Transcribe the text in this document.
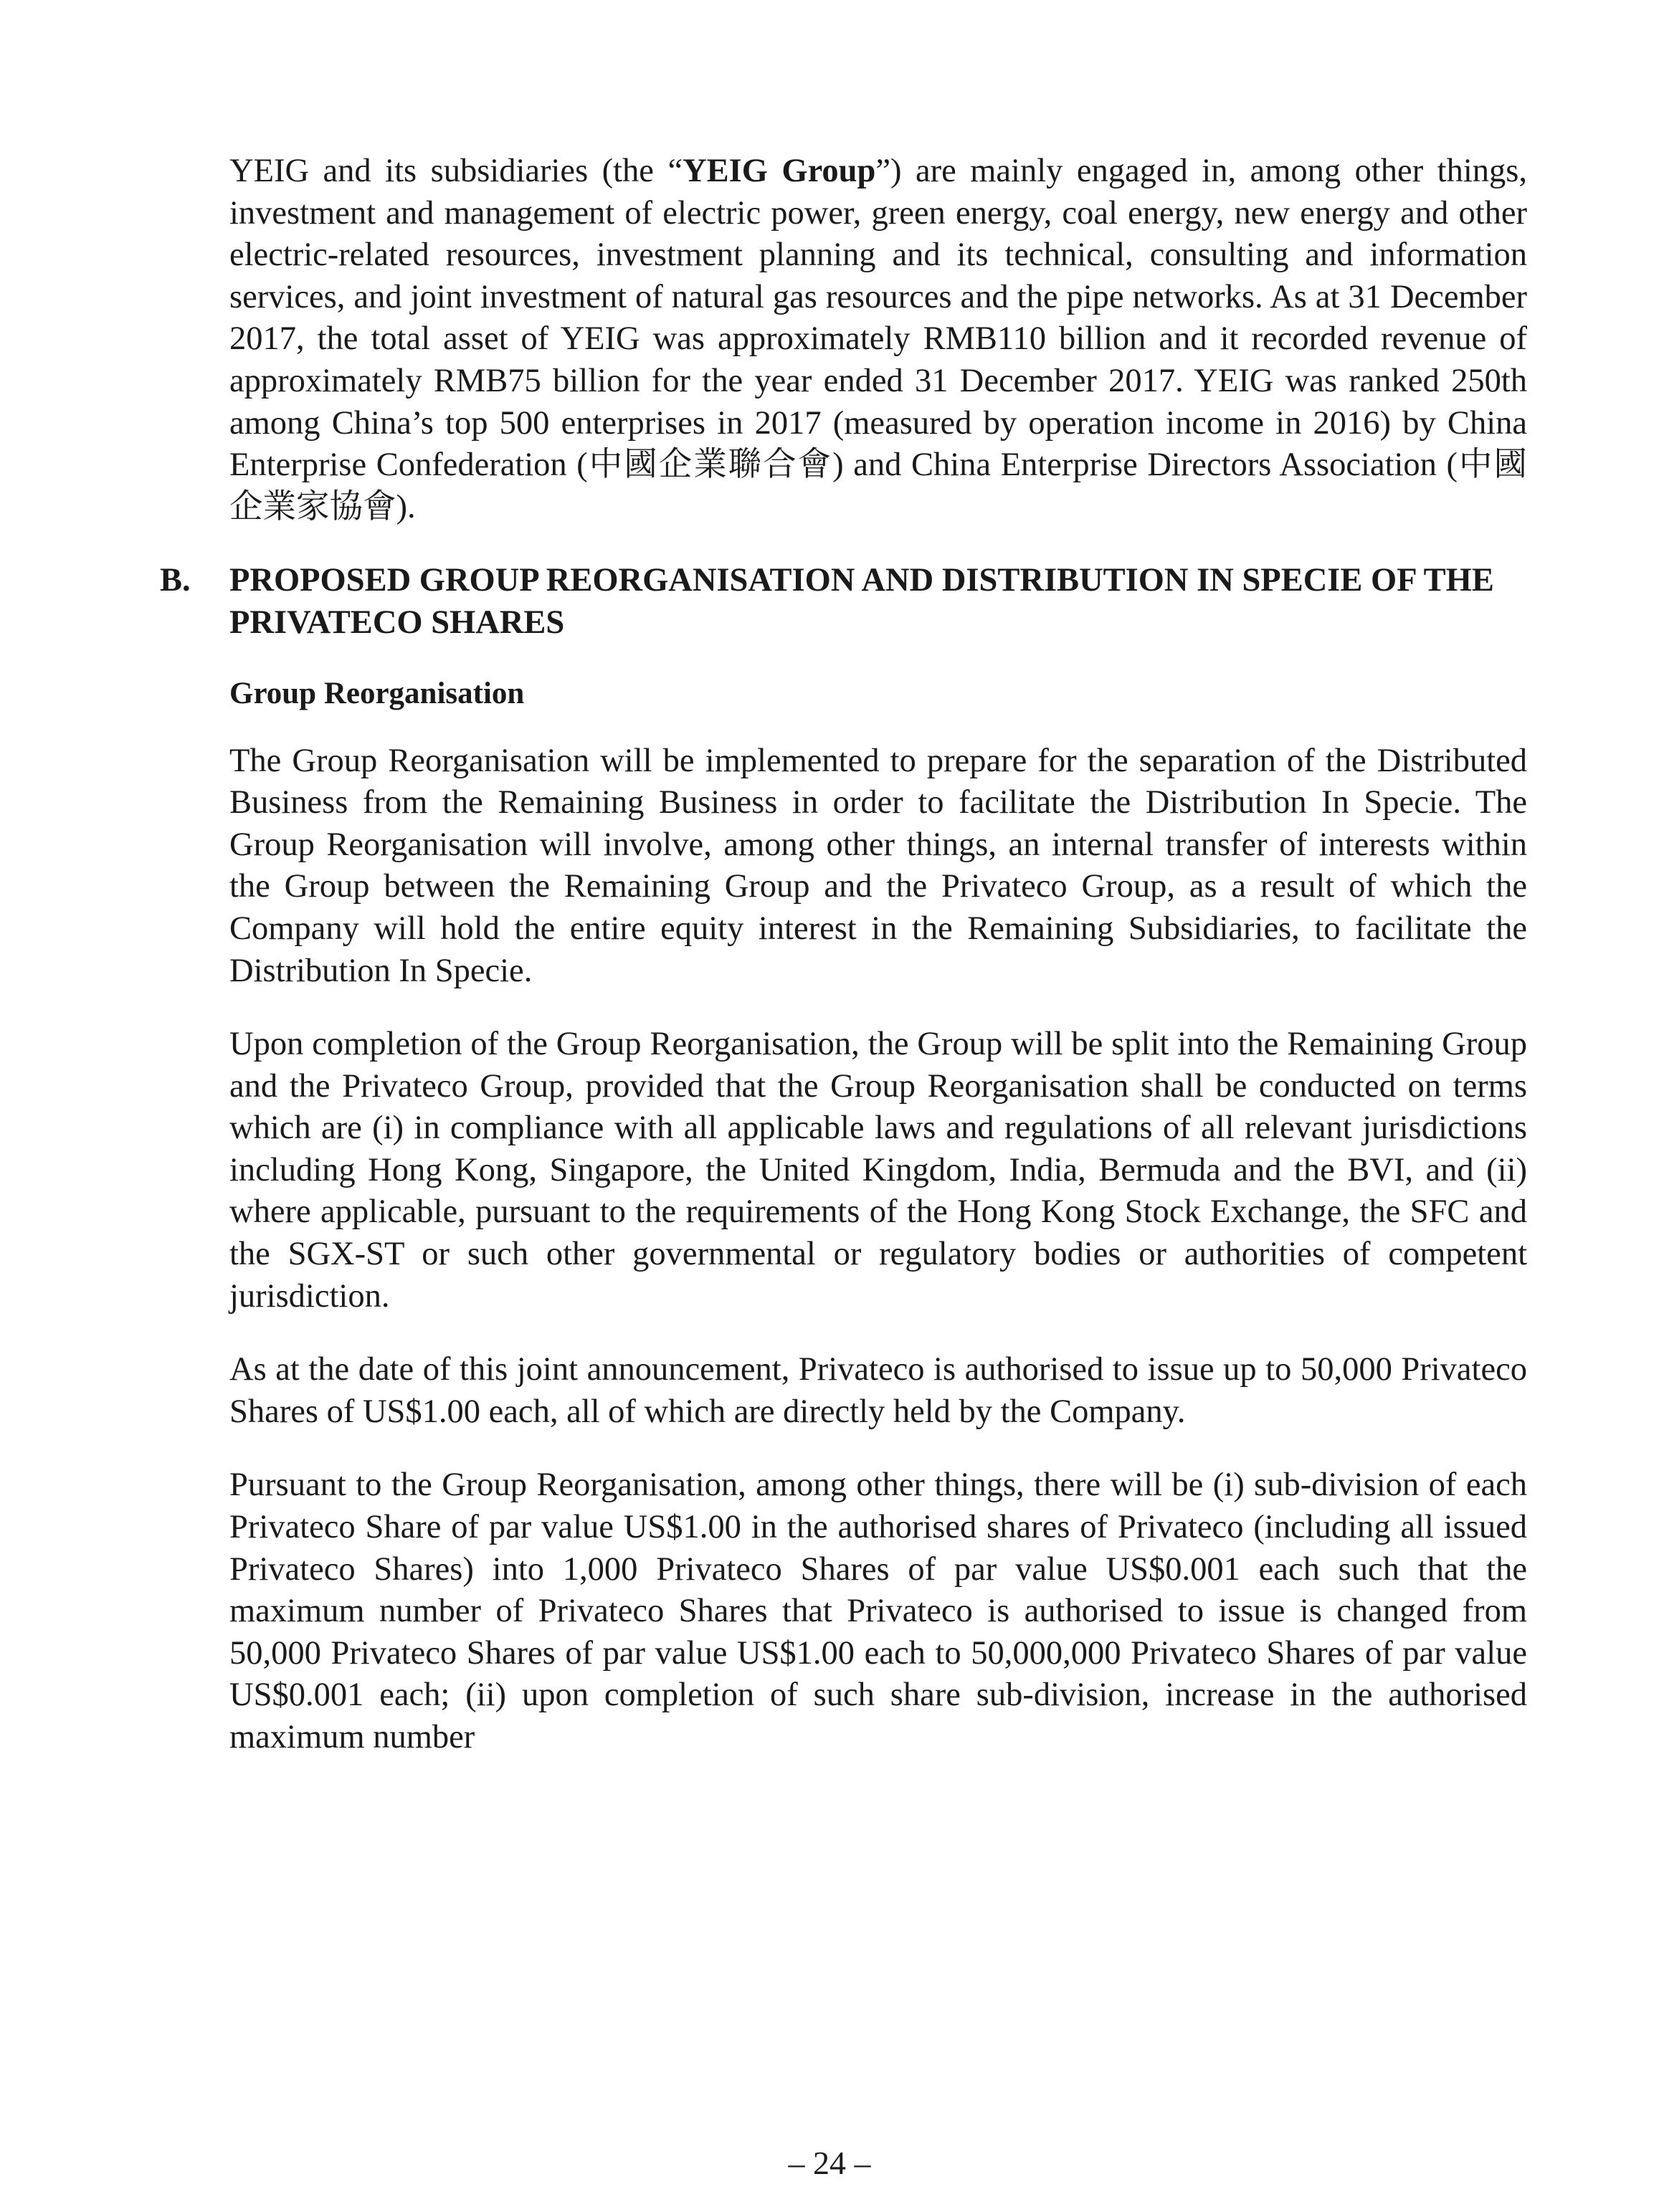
YEIG and its subsidiaries (the “YEIG Group”) are mainly engaged in, among other things, investment and management of electric power, green energy, coal energy, new energy and other electric-related resources, investment planning and its technical, consulting and information services, and joint investment of natural gas resources and the pipe networks. As at 31 December 2017, the total asset of YEIG was approximately RMB110 billion and it recorded revenue of approximately RMB75 billion for the year ended 31 December 2017. YEIG was ranked 250th among China’s top 500 enterprises in 2017 (measured by operation income in 2016) by China Enterprise Confederation (中國企業聯合會) and China Enterprise Directors Association (中國企業家協會).

B. PROPOSED GROUP REORGANISATION AND DISTRIBUTION IN SPECIE OF THE PRIVATECO SHARES
Group Reorganisation

The Group Reorganisation will be implemented to prepare for the separation of the Distributed Business from the Remaining Business in order to facilitate the Distribution In Specie. The Group Reorganisation will involve, among other things, an internal transfer of interests within the Group between the Remaining Group and the Privateco Group, as a result of which the Company will hold the entire equity interest in the Remaining Subsidiaries, to facilitate the Distribution In Specie.

Upon completion of the Group Reorganisation, the Group will be split into the Remaining Group and the Privateco Group, provided that the Group Reorganisation shall be conducted on terms which are (i) in compliance with all applicable laws and regulations of all relevant jurisdictions including Hong Kong, Singapore, the United Kingdom, India, Bermuda and the BVI, and (ii) where applicable, pursuant to the requirements of the Hong Kong Stock Exchange, the SFC and the SGX-ST or such other governmental or regulatory bodies or authorities of competent jurisdiction.

As at the date of this joint announcement, Privateco is authorised to issue up to 50,000 Privateco Shares of US$1.00 each, all of which are directly held by the Company.

Pursuant to the Group Reorganisation, among other things, there will be (i) sub-division of each Privateco Share of par value US$1.00 in the authorised shares of Privateco (including all issued Privateco Shares) into 1,000 Privateco Shares of par value US$0.001 each such that the maximum number of Privateco Shares that Privateco is authorised to issue is changed from 50,000 Privateco Shares of par value US$1.00 each to 50,000,000 Privateco Shares of par value US$0.001 each; (ii) upon completion of such share sub-division, increase in the authorised maximum number

– 24 –
